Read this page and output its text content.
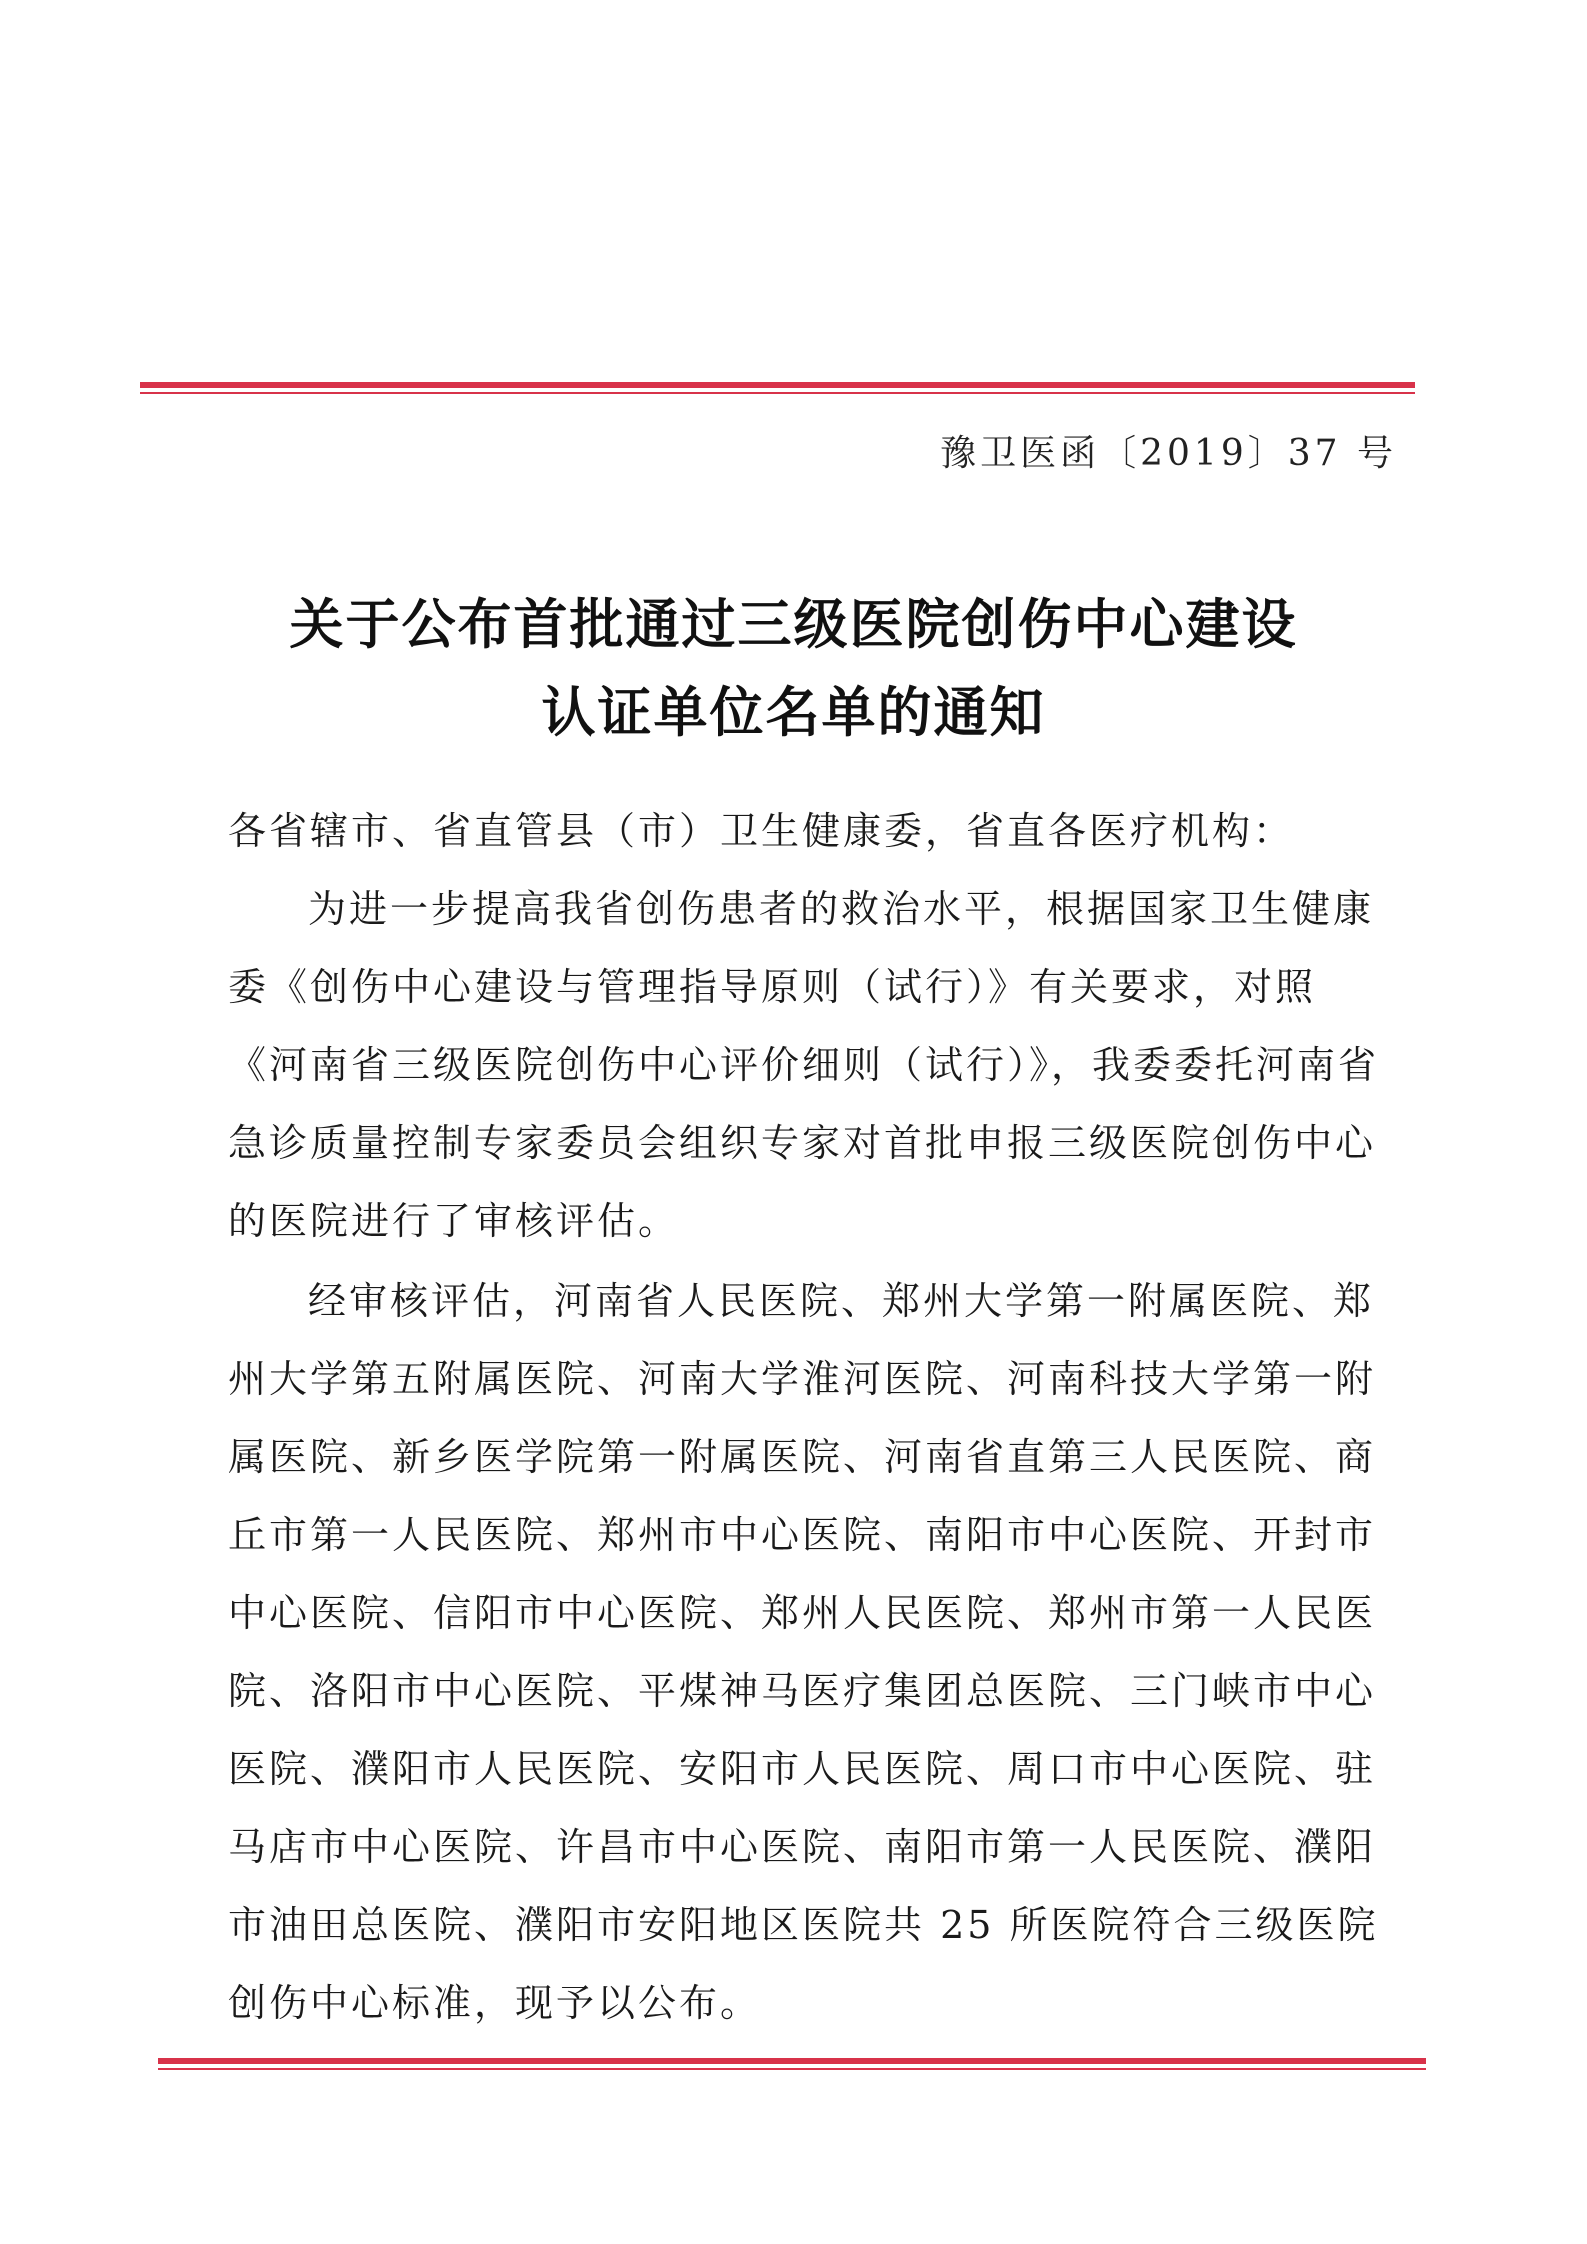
豫卫医函〔2019〕37 号
关于公布首批通过三级医院创伤中心建设
认证单位名单的通知
各省辖市、省直管县（市）卫生健康委，省直各医疗机构：
为进一步提高我省创伤患者的救治水平，根据国家卫生健康
委《创伤中心建设与管理指导原则（试行）》有关要求，对照
《河南省三级医院创伤中心评价细则（试行）》，我委委托河南省
急诊质量控制专家委员会组织专家对首批申报三级医院创伤中心
的医院进行了审核评估。
经审核评估，河南省人民医院、郑州大学第一附属医院、郑
州大学第五附属医院、河南大学淮河医院、河南科技大学第一附
属医院、新乡医学院第一附属医院、河南省直第三人民医院、商
丘市第一人民医院、郑州市中心医院、南阳市中心医院、开封市
中心医院、信阳市中心医院、郑州人民医院、郑州市第一人民医
院、洛阳市中心医院、平煤神马医疗集团总医院、三门峡市中心
医院、濮阳市人民医院、安阳市人民医院、周口市中心医院、驻
马店市中心医院、许昌市中心医院、南阳市第一人民医院、濮阳
市油田总医院、濮阳市安阳地区医院共 25 所医院符合三级医院
创伤中心标准，现予以公布。
